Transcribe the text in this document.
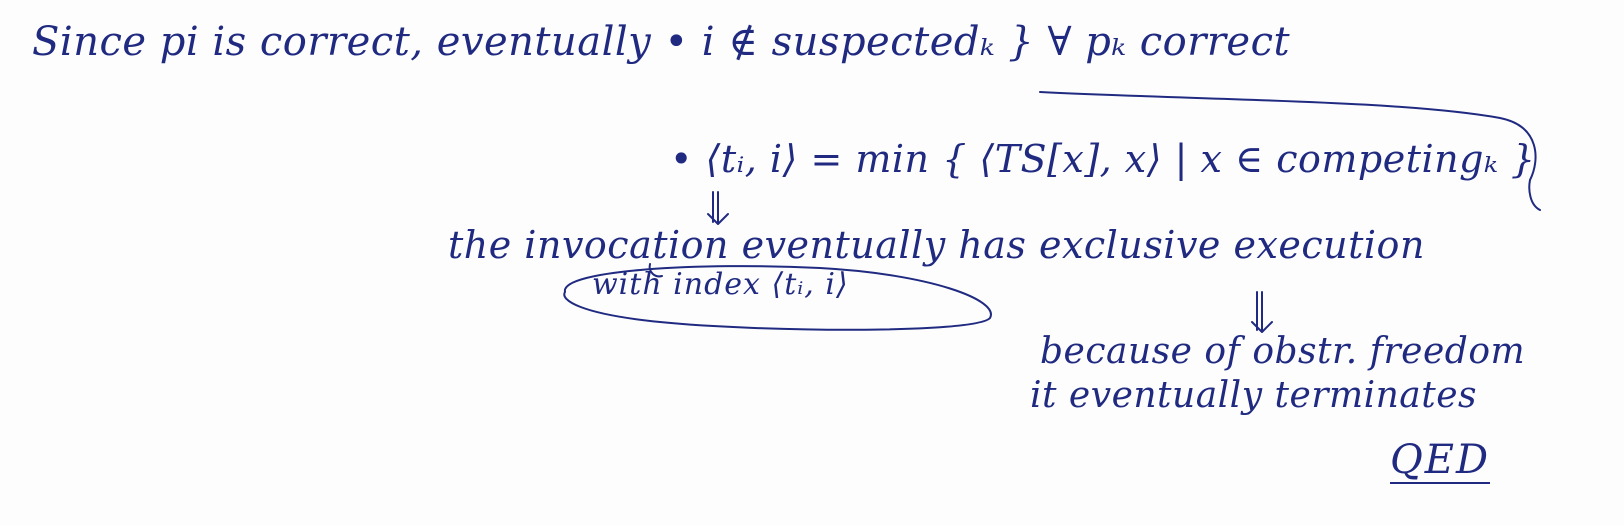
Since pi is correct, eventually • i ∉ suspectedₖ } ∀ pₖ correct
• ⟨tᵢ, i⟩ = min { ⟨TS[x], x⟩ | x ∈ competingₖ }
the invocation eventually has exclusive execution
with index ⟨tᵢ, i⟩
because of obstr. freedom
it eventually terminates
QED
